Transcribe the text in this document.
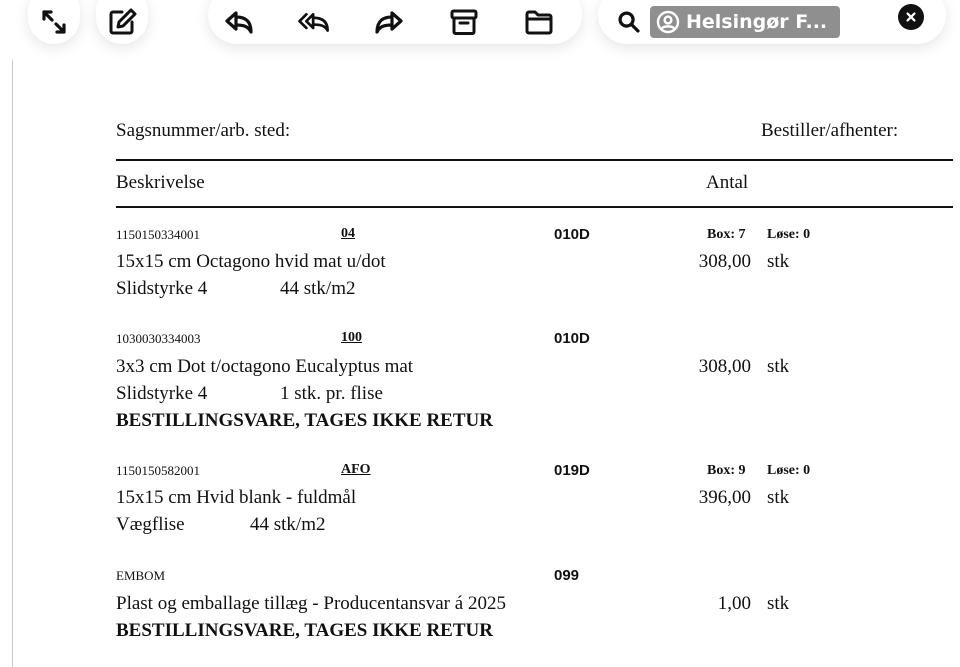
Helsingør F...
Sagsnummer/arb. sted:	Bestiller/afhenter:
Beskrivelse	Antal
1150150334001	04	010D	Box: 7 Løse: 0
15x15 cm Octagono hvid mat u/dot	308,00 stk
Slidstyrke 4	44 stk/m2
1030030334003	100	010D
3x3 cm Dot t/octagono Eucalyptus mat	308,00 stk
Slidstyrke 4	1 stk. pr. flise
BESTILLINGSVARE, TAGES IKKE RETUR
1150150582001	AFO	019D	Box: 9 Løse: 0
15x15 cm Hvid blank - fuldmål	396,00 stk
Vægflise	44 stk/m2
EMBOM	099
Plast og emballage tillæg - Producentansvar á 2025	1,00 stk
BESTILLINGSVARE, TAGES IKKE RETUR
